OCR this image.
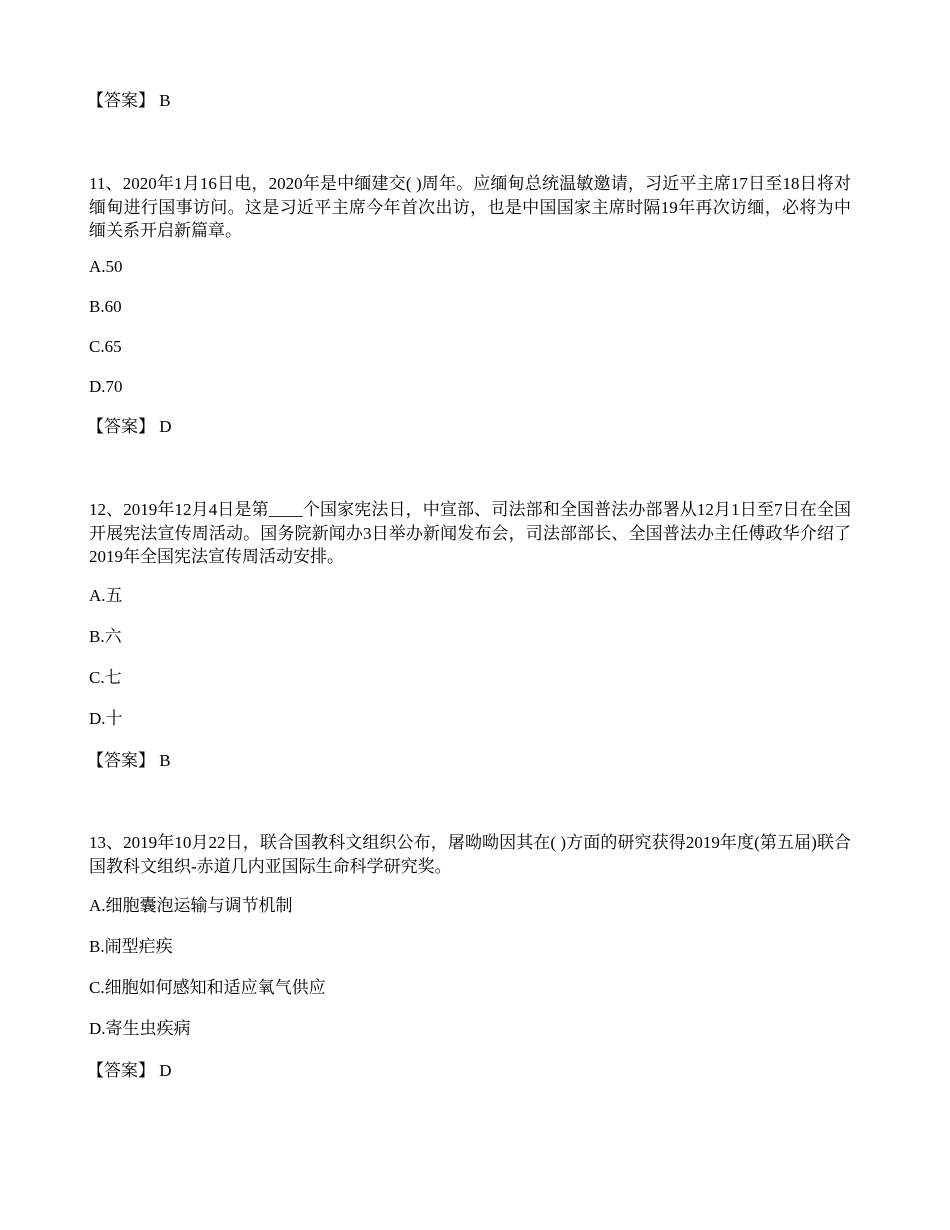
【答案】 B
11、2020年1月16日电，2020年是中缅建交( )周年。应缅甸总统温敏邀请，习近平主席17日至18日将对缅甸进行国事访问。这是习近平主席今年首次出访，也是中国国家主席时隔19年再次访缅，必将为中缅关系开启新篇章。
A.50
B.60
C.65
D.70
【答案】 D
12、2019年12月4日是第____个国家宪法日，中宣部、司法部和全国普法办部署从12月1日至7日在全国开展宪法宣传周活动。国务院新闻办3日举办新闻发布会，司法部部长、全国普法办主任傅政华介绍了2019年全国宪法宣传周活动安排。
A.五
B.六
C.七
D.十
【答案】 B
13、2019年10月22日，联合国教科文组织公布，屠呦呦因其在( )方面的研究获得2019年度(第五届)联合国教科文组织-赤道几内亚国际生命科学研究奖。
A.细胞囊泡运输与调节机制
B.闹型疟疾
C.细胞如何感知和适应氧气供应
D.寄生虫疾病
【答案】 D
